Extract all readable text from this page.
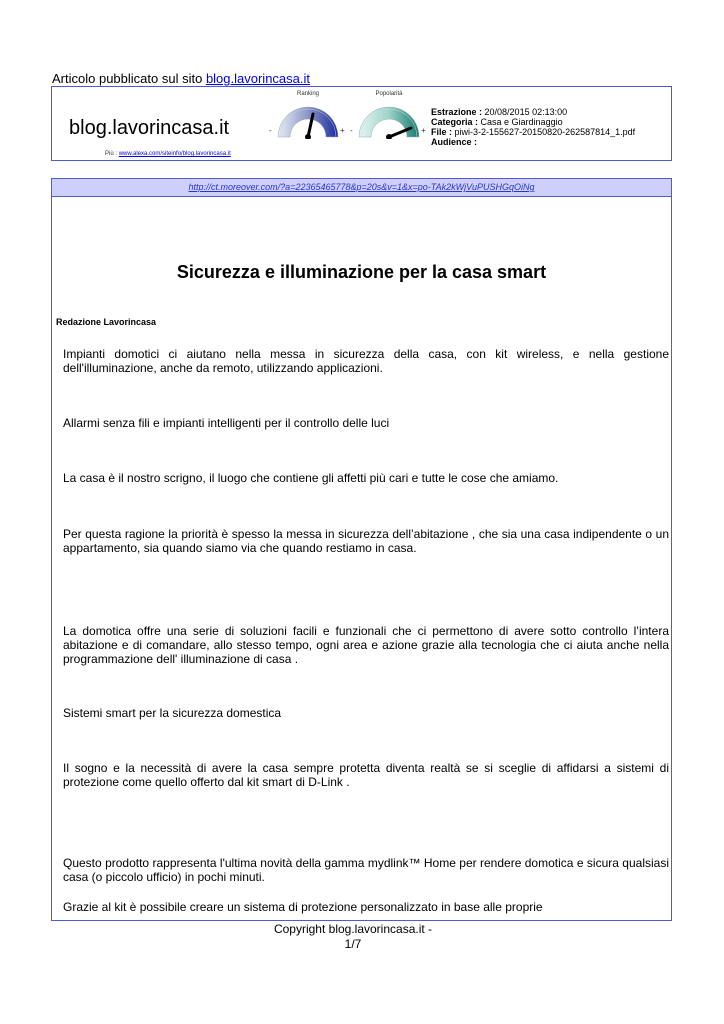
Articolo pubblicato sul sito blog.lavorincasa.it
blog.lavorincasa.it
Più : www.alexa.com/siteinfo/blog.lavorincasa.it
Ranking	Popolarità
-	+ -	+
Estrazione : 20/08/2015 02:13:00
Categoria : Casa e Giardinaggio
File : piwi-3-2-155627-20150820-262587814_1.pdf
Audience :
http://ct.moreover.com/?a=22365465778&p=20s&v=1&x=po-TAk2kWjVuPUSHGqOiNg
Sicurezza e illuminazione per la casa smart
Redazione Lavorincasa
Impianti domotici ci aiutano nella messa in sicurezza della casa, con kit wireless, e nella gestione dell'illuminazione, anche da remoto, utilizzando applicazioni.
Allarmi senza fili e impianti intelligenti per il controllo delle luci
La casa è il nostro scrigno, il luogo che contiene gli affetti più cari e tutte le cose che amiamo.
Per questa ragione la priorità è spesso la messa in sicurezza dell’abitazione , che sia una casa indipendente o un appartamento, sia quando siamo via che quando restiamo in casa.
La domotica offre una serie di soluzioni facili e funzionali che ci permettono di avere sotto controllo l’intera abitazione e di comandare, allo stesso tempo, ogni area e azione grazie alla tecnologia che ci aiuta anche nella programmazione dell' illuminazione di casa .
Sistemi smart per la sicurezza domestica
Il sogno e la necessità di avere la casa sempre protetta diventa realtà se si sceglie di affidarsi a sistemi di protezione come quello offerto dal kit smart di D-Link .
Questo prodotto rappresenta l'ultima novità della gamma mydlink™ Home per rendere domotica e sicura qualsiasi casa (o piccolo ufficio) in pochi minuti.
Grazie al kit è possibile creare un sistema di protezione personalizzato in base alle proprie
Copyright blog.lavorincasa.it -
1/7
